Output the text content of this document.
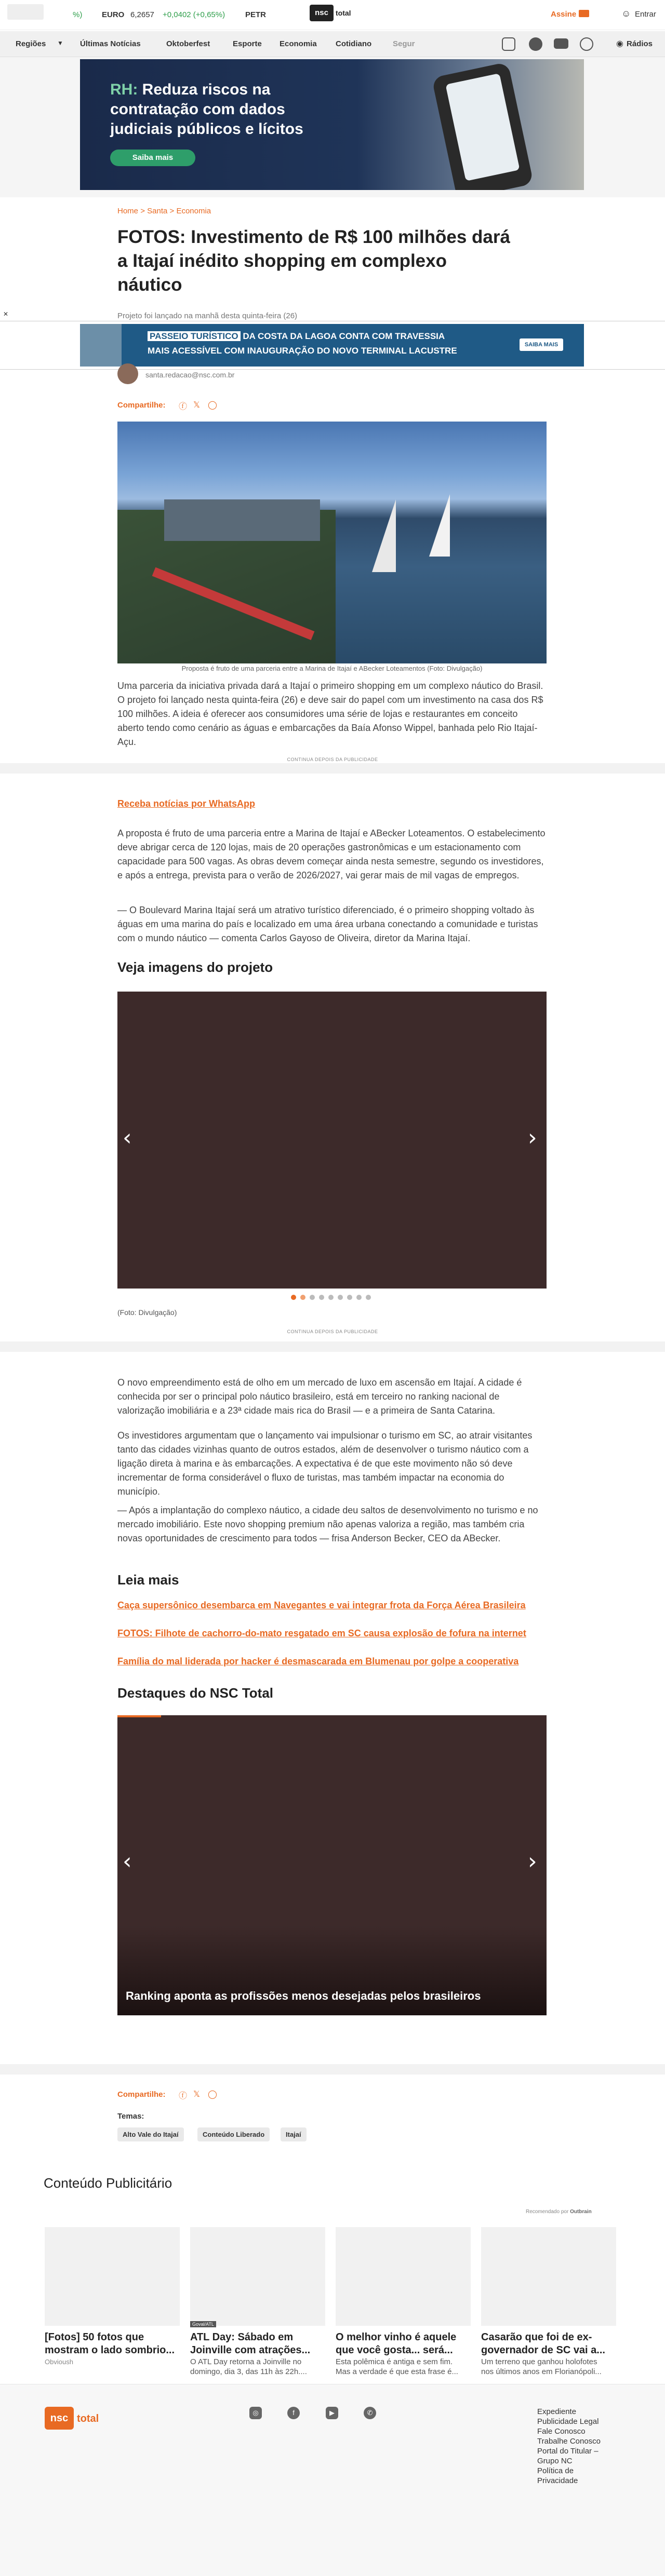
%)	EURO 6,2657 +0,0402 (+0,65%)	PETR	nsc	total	Assine	☺ Entrar
Regiões ▼ Últimas Notícias	Oktoberfest	Esporte Economia Cotidiano	Segur	◉ Rádios
RH: Reduza riscos na
contratação com dados
judiciais públicos e lícitos
Saiba mais
Home > Santa > Economia
FOTOS: Investimento de R$ 100 milhões dará
a Itajaí inédito shopping em complexo
náutico
Projeto foi lançado na manhã desta quinta-feira (26)
✕
PASSEIO TURÍSTICO DA COSTA DA LAGOA CONTA COM TRAVESSIA
MAIS ACESSÍVEL COM INAUGURAÇÃO DO NOVO TERMINAL LACUSTRE
SAIBA MAIS
santa.redacao@nsc.com.br
Compartilhe: ⓕ 𝕏 ◯
Proposta é fruto de uma parceria entre a Marina de Itajaí e ABecker Loteamentos (Foto: Divulgação)
Uma parceria da iniciativa privada dará a Itajaí o primeiro shopping em um complexo náutico do Brasil. O projeto foi lançado nesta quinta-feira (26) e deve sair do papel com um investimento na casa dos R$ 100 milhões. A ideia é oferecer aos consumidores uma série de lojas e restaurantes em conceito aberto tendo como cenário as águas e embarcações da Baía Afonso Wippel, banhada pelo Rio Itajaí-Açu.
CONTINUA DEPOIS DA PUBLICIDADE
Receba notícias por WhatsApp
A proposta é fruto de uma parceria entre a Marina de Itajaí e ABecker Loteamentos. O estabelecimento deve abrigar cerca de 120 lojas, mais de 20 operações gastronômicas e um estacionamento com capacidade para 500 vagas. As obras devem começar ainda nesta semestre, segundo os investidores, e após a entrega, prevista para o verão de 2026/2027, vai gerar mais de mil vagas de empregos.
— O Boulevard Marina Itajaí será um atrativo turístico diferenciado, é o primeiro shopping voltado às águas em uma marina do país e localizado em uma área urbana conectando a comunidade e turistas com o mundo náutico — comenta Carlos Gayoso de Oliveira, diretor da Marina Itajaí.
Veja imagens do projeto
‹	›
(Foto: Divulgação)
CONTINUA DEPOIS DA PUBLICIDADE
O novo empreendimento está de olho em um mercado de luxo em ascensão em Itajaí. A cidade é conhecida por ser o principal polo náutico brasileiro, está em terceiro no ranking nacional de valorização imobiliária e a 23ª cidade mais rica do Brasil — e a primeira de Santa Catarina.
Os investidores argumentam que o lançamento vai impulsionar o turismo em SC, ao atrair visitantes tanto das cidades vizinhas quanto de outros estados, além de desenvolver o turismo náutico com a ligação direta à marina e às embarcações. A expectativa é de que este movimento não só deve incrementar de forma considerável o fluxo de turistas, mas também impactar na economia do município.
— Após a implantação do complexo náutico, a cidade deu saltos de desenvolvimento no turismo e no mercado imobiliário. Este novo shopping premium não apenas valoriza a região, mas também cria novas oportunidades de crescimento para todos — frisa Anderson Becker, CEO da ABecker.
Leia mais
Caça supersônico desembarca em Navegantes e vai integrar frota da Força Aérea Brasileira
FOTOS: Filhote de cachorro-do-mato resgatado em SC causa explosão de fofura na internet
Família do mal liderada por hacker é desmascarada em Blumenau por golpe a cooperativa
Destaques do NSC Total
‹	›
Ranking aponta as profissões menos desejadas pelos brasileiros
Compartilhe: ⓕ 𝕏 ◯
Temas:
Alto Vale do Itajaí	Conteúdo Liberado	Itajaí
Conteúdo Publicitário
Recomendado por Outbrain
Goval/ATL
[Fotos] 50 fotos que
mostram o lado sombrio...
Obvioush
ATL Day: Sábado em
Joinville com atrações...
O ATL Day retorna a Joinville no
domingo, dia 3, das 11h às 22h....
O melhor vinho é aquele
que você gosta... será...
Esta polêmica é antiga e sem fim.
Mas a verdade é que esta frase é...
Casarão que foi de ex-
governador de SC vai a...
Um terreno que ganhou holofotes
nos últimos anos em Florianópoli...
nsc total
◎	f	▶	✆	Expediente
Publicidade Legal
Fale Conosco
Trabalhe Conosco
Portal do Titular –
Grupo NC
Política de
Privacidade
